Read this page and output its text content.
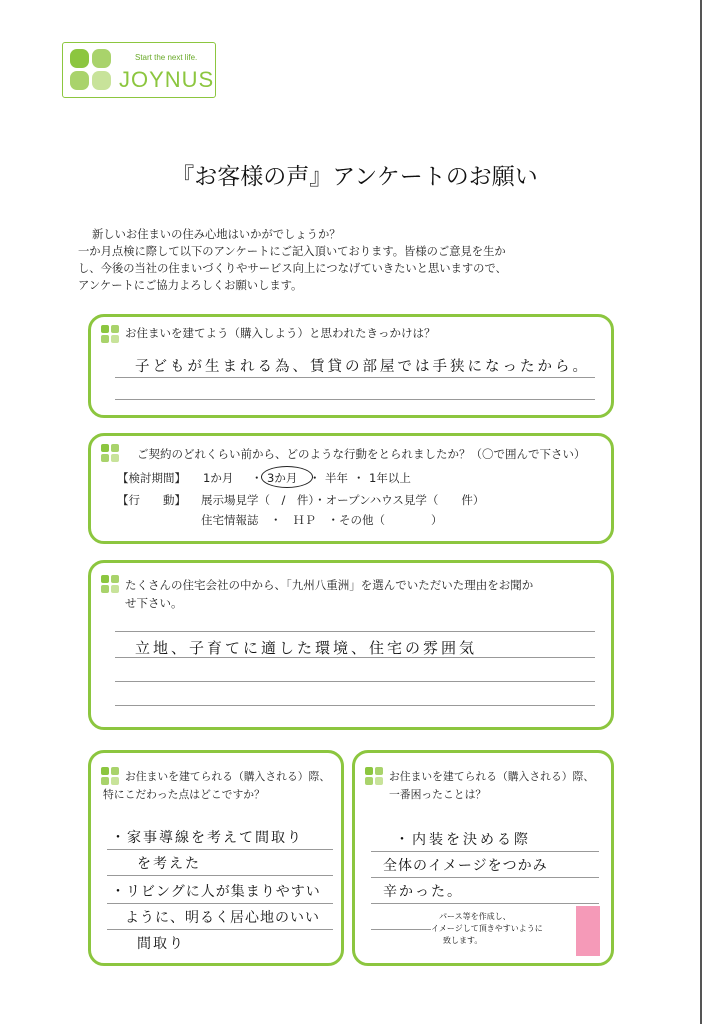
Start the next life.
JOYNUS
『お客様の声』アンケートのお願い
新しいお住まいの住み心地はいかがでしょうか？
一か月点検に際して以下のアンケートにご記入頂いております。皆様のご意見を生か
し、今後の当社の住まいづくりやサービス向上につなげていきたいと思いますので、
アンケートにご協力よろしくお願いします。
お住まいを建てよう（購入しよう）と思われたきっかけは？
子どもが生まれる為、賃貸の部屋では手狭になったから。
ご契約のどれくらい前から、どのような行動をとられましたか？（〇で囲んで下さい）
【検討期間】 1か月 ・ 3か月 ・ 半年 ・ 1年以上
【行　　動】 展示場見学（　/　件）・オープンハウス見学（　　件）
住宅情報誌　・　ＨＰ　・その他（　　　　）
たくさんの住宅会社の中から、「九州八重洲」を選んでいただいた理由をお聞か
せ下さい。
立地、子育てに適した環境、住宅の雰囲気
お住まいを建てられる（購入される）際、
特にこだわった点はどこですか？
・家事導線を考えて間取り
を考えた
・リビングに人が集まりやすい
ように、明るく居心地のいい
間取り
お住まいを建てられる（購入される）際、
一番困ったことは？
・内装を決める際
全体のイメージをつかみ
辛かった。
パース等を作成し、
イメージして頂きやすいように
致します。
